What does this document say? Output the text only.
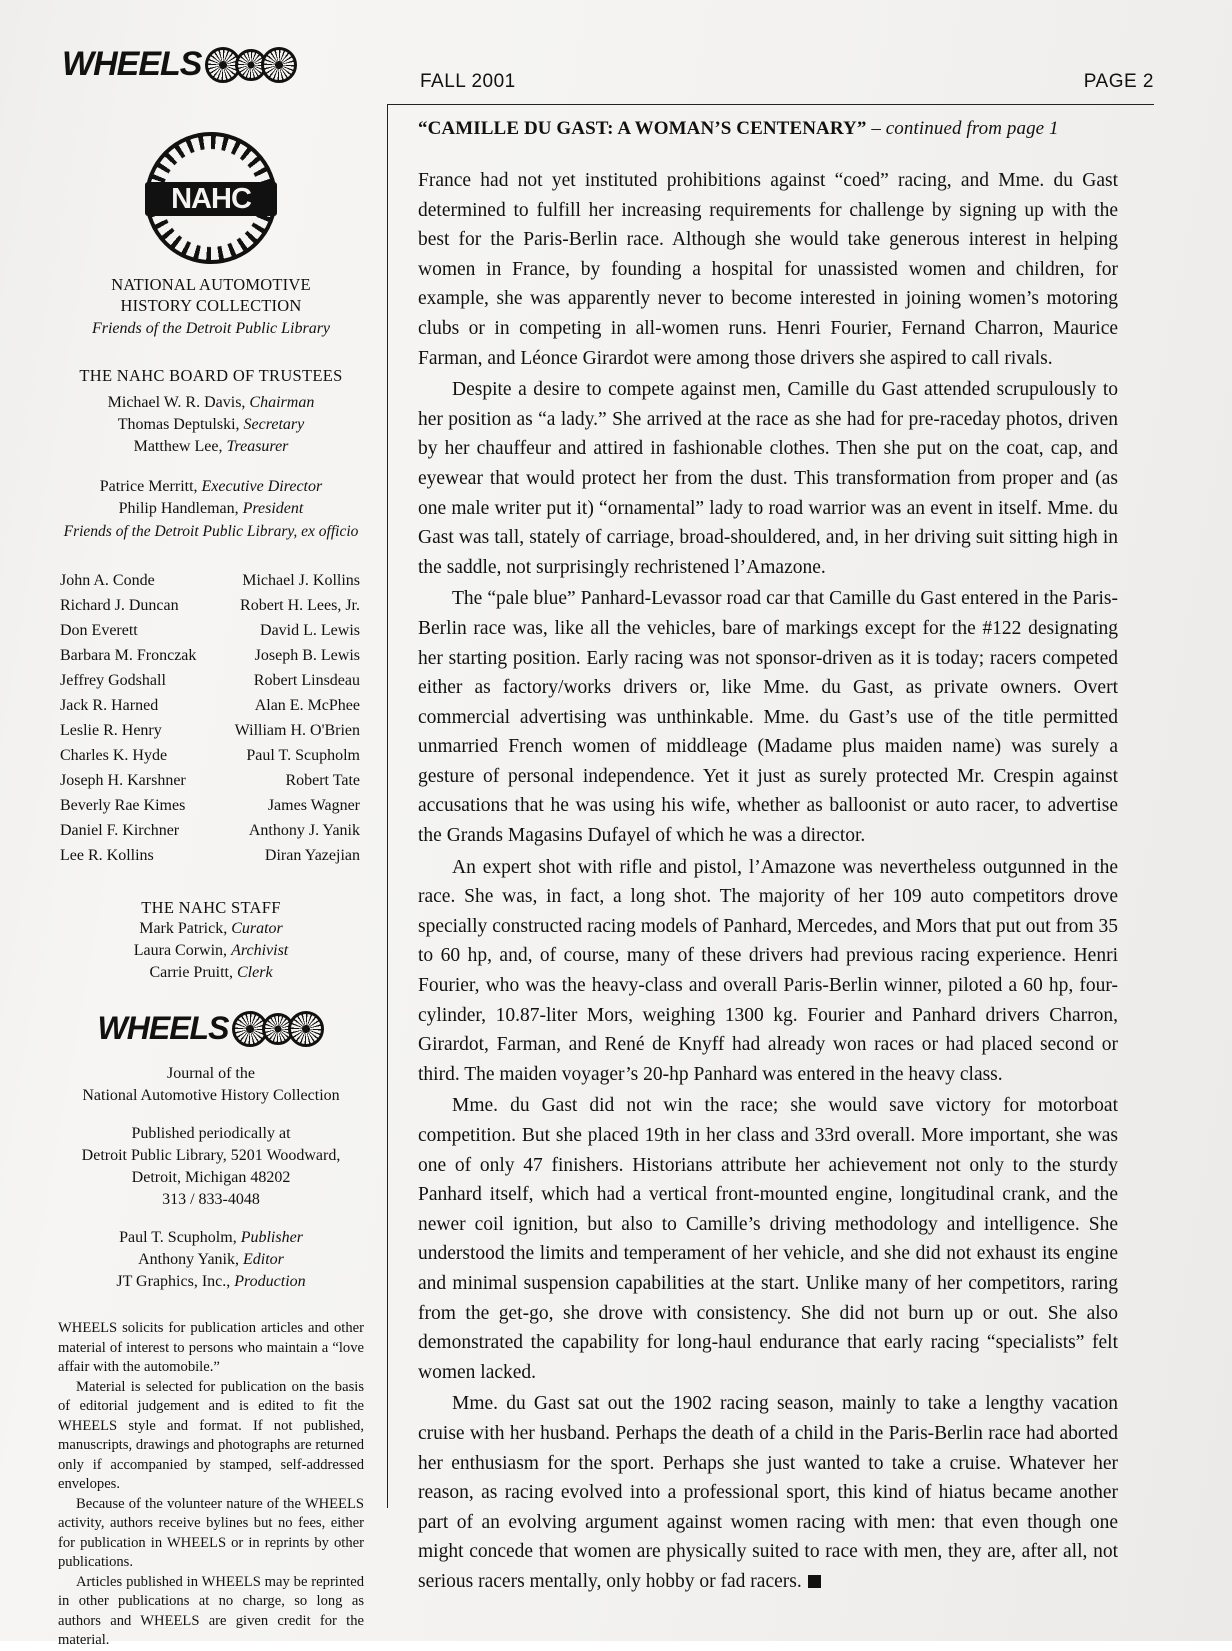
WHEELS	FALL 2001	PAGE 2
NAHC
NATIONAL AUTOMOTIVE
HISTORY COLLECTION
Friends of the Detroit Public Library
THE NAHC BOARD OF TRUSTEES
Michael W. R. Davis, Chairman
Thomas Deptulski, Secretary
Matthew Lee, Treasurer
Patrice Merritt, Executive Director
Philip Handleman, President
Friends of the Detroit Public Library, ex officio
John A. Conde	Michael J. Kollins
Richard J. Duncan	Robert H. Lees, Jr.
Don Everett	David L. Lewis
Barbara M. Fronczak	Joseph B. Lewis
Jeffrey Godshall	Robert Linsdeau
Jack R. Harned	Alan E. McPhee
Leslie R. Henry	William H. O'Brien
Charles K. Hyde	Paul T. Scupholm
Joseph H. Karshner	Robert Tate
Beverly Rae Kimes	James Wagner
Daniel F. Kirchner	Anthony J. Yanik
Lee R. Kollins	Diran Yazejian
THE NAHC STAFF
Mark Patrick, Curator
Laura Corwin, Archivist
Carrie Pruitt, Clerk
WHEELS
Journal of the
National Automotive History Collection
Published periodically at
Detroit Public Library, 5201 Woodward,
Detroit, Michigan 48202
313 / 833-4048
Paul T. Scupholm, Publisher
Anthony Yanik, Editor
JT Graphics, Inc., Production

WHEELS solicits for publication articles and other material of interest to persons who maintain a “love affair with the automobile.”

Material is selected for publication on the basis of editorial judgement and is edited to fit the WHEELS style and format. If not published, manuscripts, drawings and photographs are returned only if accompanied by stamped, self-addressed envelopes.

Because of the volunteer nature of the WHEELS activity, authors receive bylines but no fees, either for publication in WHEELS or in reprints by other publications.

Articles published in WHEELS may be reprinted in other publications at no charge, so long as authors and WHEELS are given credit for the material.

“CAMILLE DU GAST: A WOMAN’S CENTENARY” – continued from page 1

France had not yet instituted prohibitions against “coed” racing, and Mme. du Gast determined to fulfill her increasing requirements for challenge by signing up with the best for the Paris-Berlin race. Although she would take generous interest in helping women in France, by founding a hospital for unassisted women and children, for example, she was apparently never to become interested in joining women’s motoring clubs or in competing in all-women runs. Henri Fourier, Fernand Charron, Maurice Farman, and Léonce Girardot were among those drivers she aspired to call rivals.

Despite a desire to compete against men, Camille du Gast attended scrupulously to her position as “a lady.” She arrived at the race as she had for pre-raceday photos, driven by her chauffeur and attired in fashionable clothes. Then she put on the coat, cap, and eyewear that would protect her from the dust. This transformation from proper and (as one male writer put it) “ornamental” lady to road warrior was an event in itself. Mme. du Gast was tall, stately of carriage, broad-shouldered, and, in her driving suit sitting high in the saddle, not surprisingly rechristened l’Amazone.

The “pale blue” Panhard-Levassor road car that Camille du Gast entered in the Paris-Berlin race was, like all the vehicles, bare of markings except for the #122 designating her starting position. Early racing was not sponsor-driven as it is today; racers competed either as factory/works drivers or, like Mme. du Gast, as private owners. Overt commercial advertising was unthinkable. Mme. du Gast’s use of the title permitted unmarried French women of middleage (Madame plus maiden name) was surely a gesture of personal independence. Yet it just as surely protected Mr. Crespin against accusations that he was using his wife, whether as balloonist or auto racer, to advertise the Grands Magasins Dufayel of which he was a director.

An expert shot with rifle and pistol, l’Amazone was nevertheless outgunned in the race. She was, in fact, a long shot. The majority of her 109 auto competitors drove specially constructed racing models of Panhard, Mercedes, and Mors that put out from 35 to 60 hp, and, of course, many of these drivers had previous racing experience. Henri Fourier, who was the heavy-class and overall Paris-Berlin winner, piloted a 60 hp, four-cylinder, 10.87-liter Mors, weighing 1300 kg. Fourier and Panhard drivers Charron, Girardot, Farman, and René de Knyff had already won races or had placed second or third. The maiden voyager’s 20-hp Panhard was entered in the heavy class.

Mme. du Gast did not win the race; she would save victory for motorboat competition. But she placed 19th in her class and 33rd overall. More important, she was one of only 47 finishers. Historians attribute her achievement not only to the sturdy Panhard itself, which had a vertical front-mounted engine, longitudinal crank, and the newer coil ignition, but also to Camille’s driving methodology and intelligence. She understood the limits and temperament of her vehicle, and she did not exhaust its engine and minimal suspension capabilities at the start. Unlike many of her competitors, raring from the get-go, she drove with consistency. She did not burn up or out. She also demonstrated the capability for long-haul endurance that early racing “specialists” felt women lacked.

Mme. du Gast sat out the 1902 racing season, mainly to take a lengthy vacation cruise with her husband. Perhaps the death of a child in the Paris-Berlin race had aborted her enthusiasm for the sport. Perhaps she just wanted to take a cruise. Whatever her reason, as racing evolved into a professional sport, this kind of hiatus became another part of an evolving argument against women racing with men: that even though one might concede that women are physically suited to race with men, they are, after all, not serious racers mentally, only hobby or fad racers.
